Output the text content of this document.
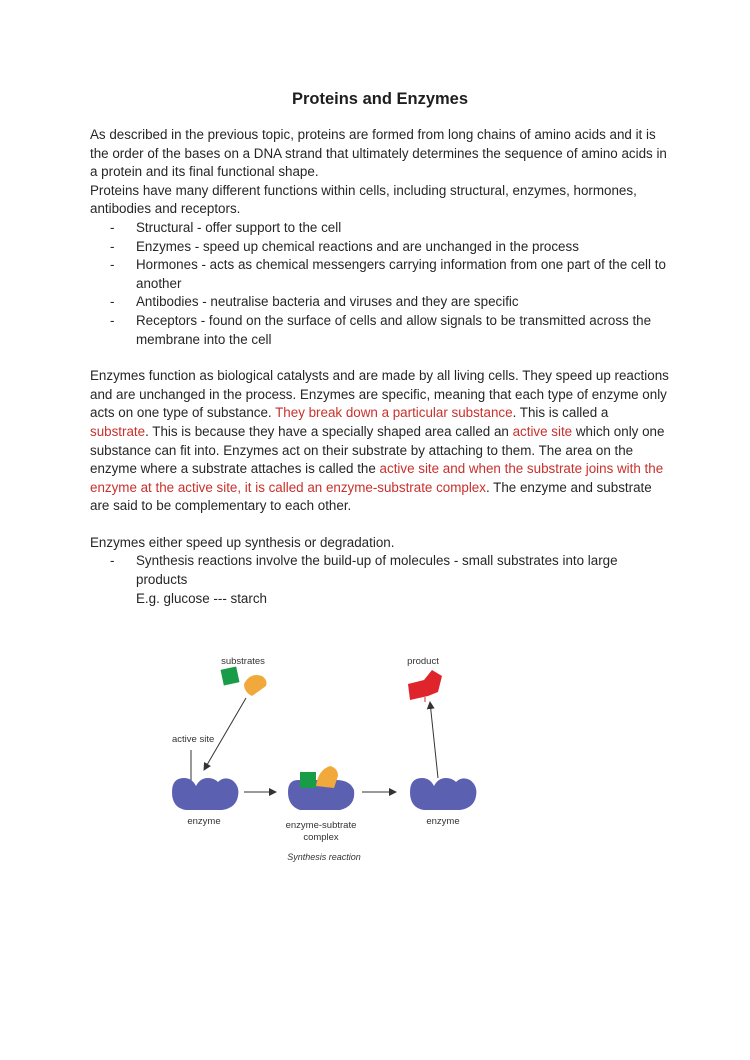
Proteins and Enzymes

As described in the previous topic, proteins are formed from long chains of amino acids and it is the order of the bases on a DNA strand that ultimately determines the sequence of amino acids in a protein and its final functional shape.

Proteins have many different functions within cells, including structural, enzymes, hormones, antibodies and receptors.

- Structural - offer support to the cell
- Enzymes - speed up chemical reactions and are unchanged in the process
- Hormones - acts as chemical messengers carrying information from one part of the cell to another
- Antibodies - neutralise bacteria and viruses and they are specific
- Receptors - found on the surface of cells and allow signals to be transmitted across the membrane into the cell

Enzymes function as biological catalysts and are made by all living cells. They speed up reactions and are unchanged in the process. Enzymes are specific, meaning that each type of enzyme only acts on one type of substance. They break down a particular substance. This is called a substrate. This is because they have a specially shaped area called an active site which only one substance can fit into. Enzymes act on their substrate by attaching to them. The area on the enzyme where a substrate attaches is called the active site and when the substrate joins with the enzyme at the active site, it is called an enzyme-substrate complex. The enzyme and substrate are said to be complementary to each other.

Enzymes either speed up synthesis or degradation.

- Synthesis reactions involve the build-up of molecules - small substrates into large products
E.g. glucose --- starch
substrates	product
active site
enzyme	enzyme-subtrate
complex
Synthesis reaction
enzyme
